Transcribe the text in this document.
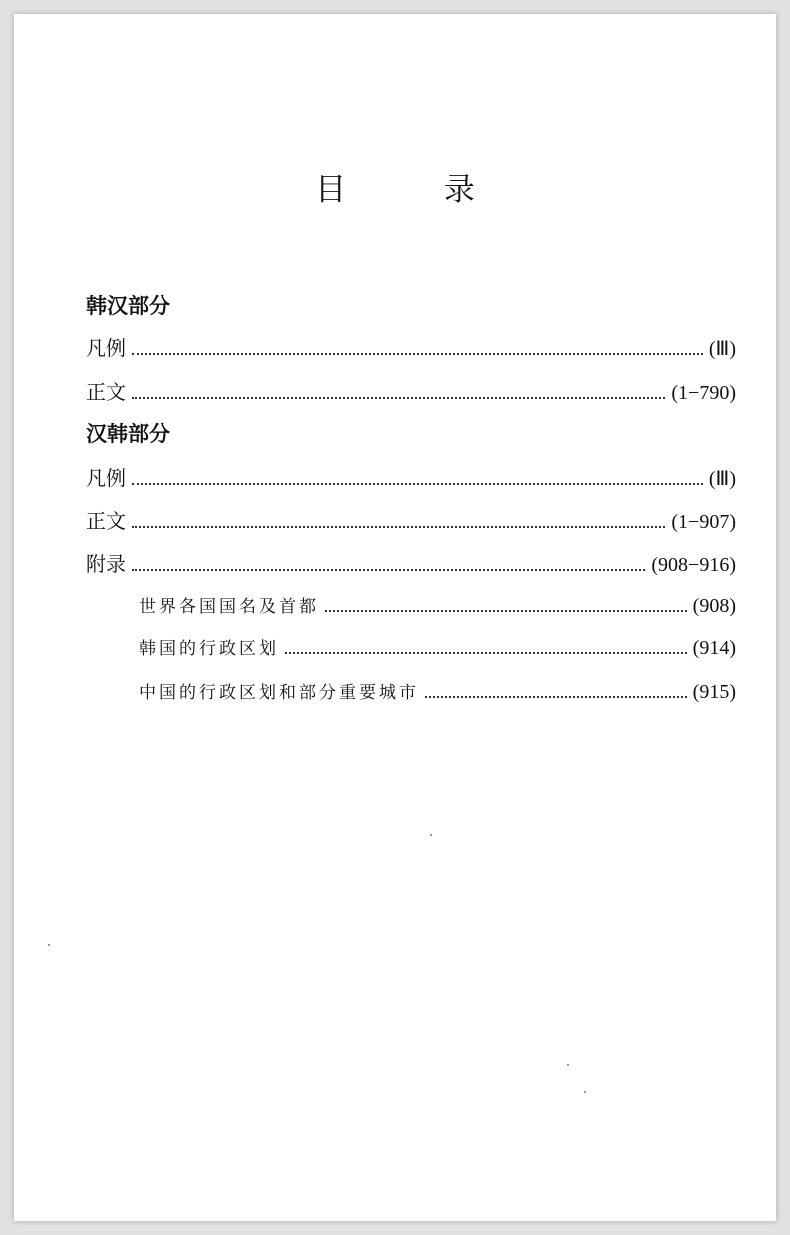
目 录
韩汉部分
凡例	(Ⅲ)
正文	(1−790)
汉韩部分
凡例	(Ⅲ)
正文	(1−907)
附录	(908−916)
世界各国国名及首都	(908)
韩国的行政区划	(914)
中国的行政区划和部分重要城市	(915)
